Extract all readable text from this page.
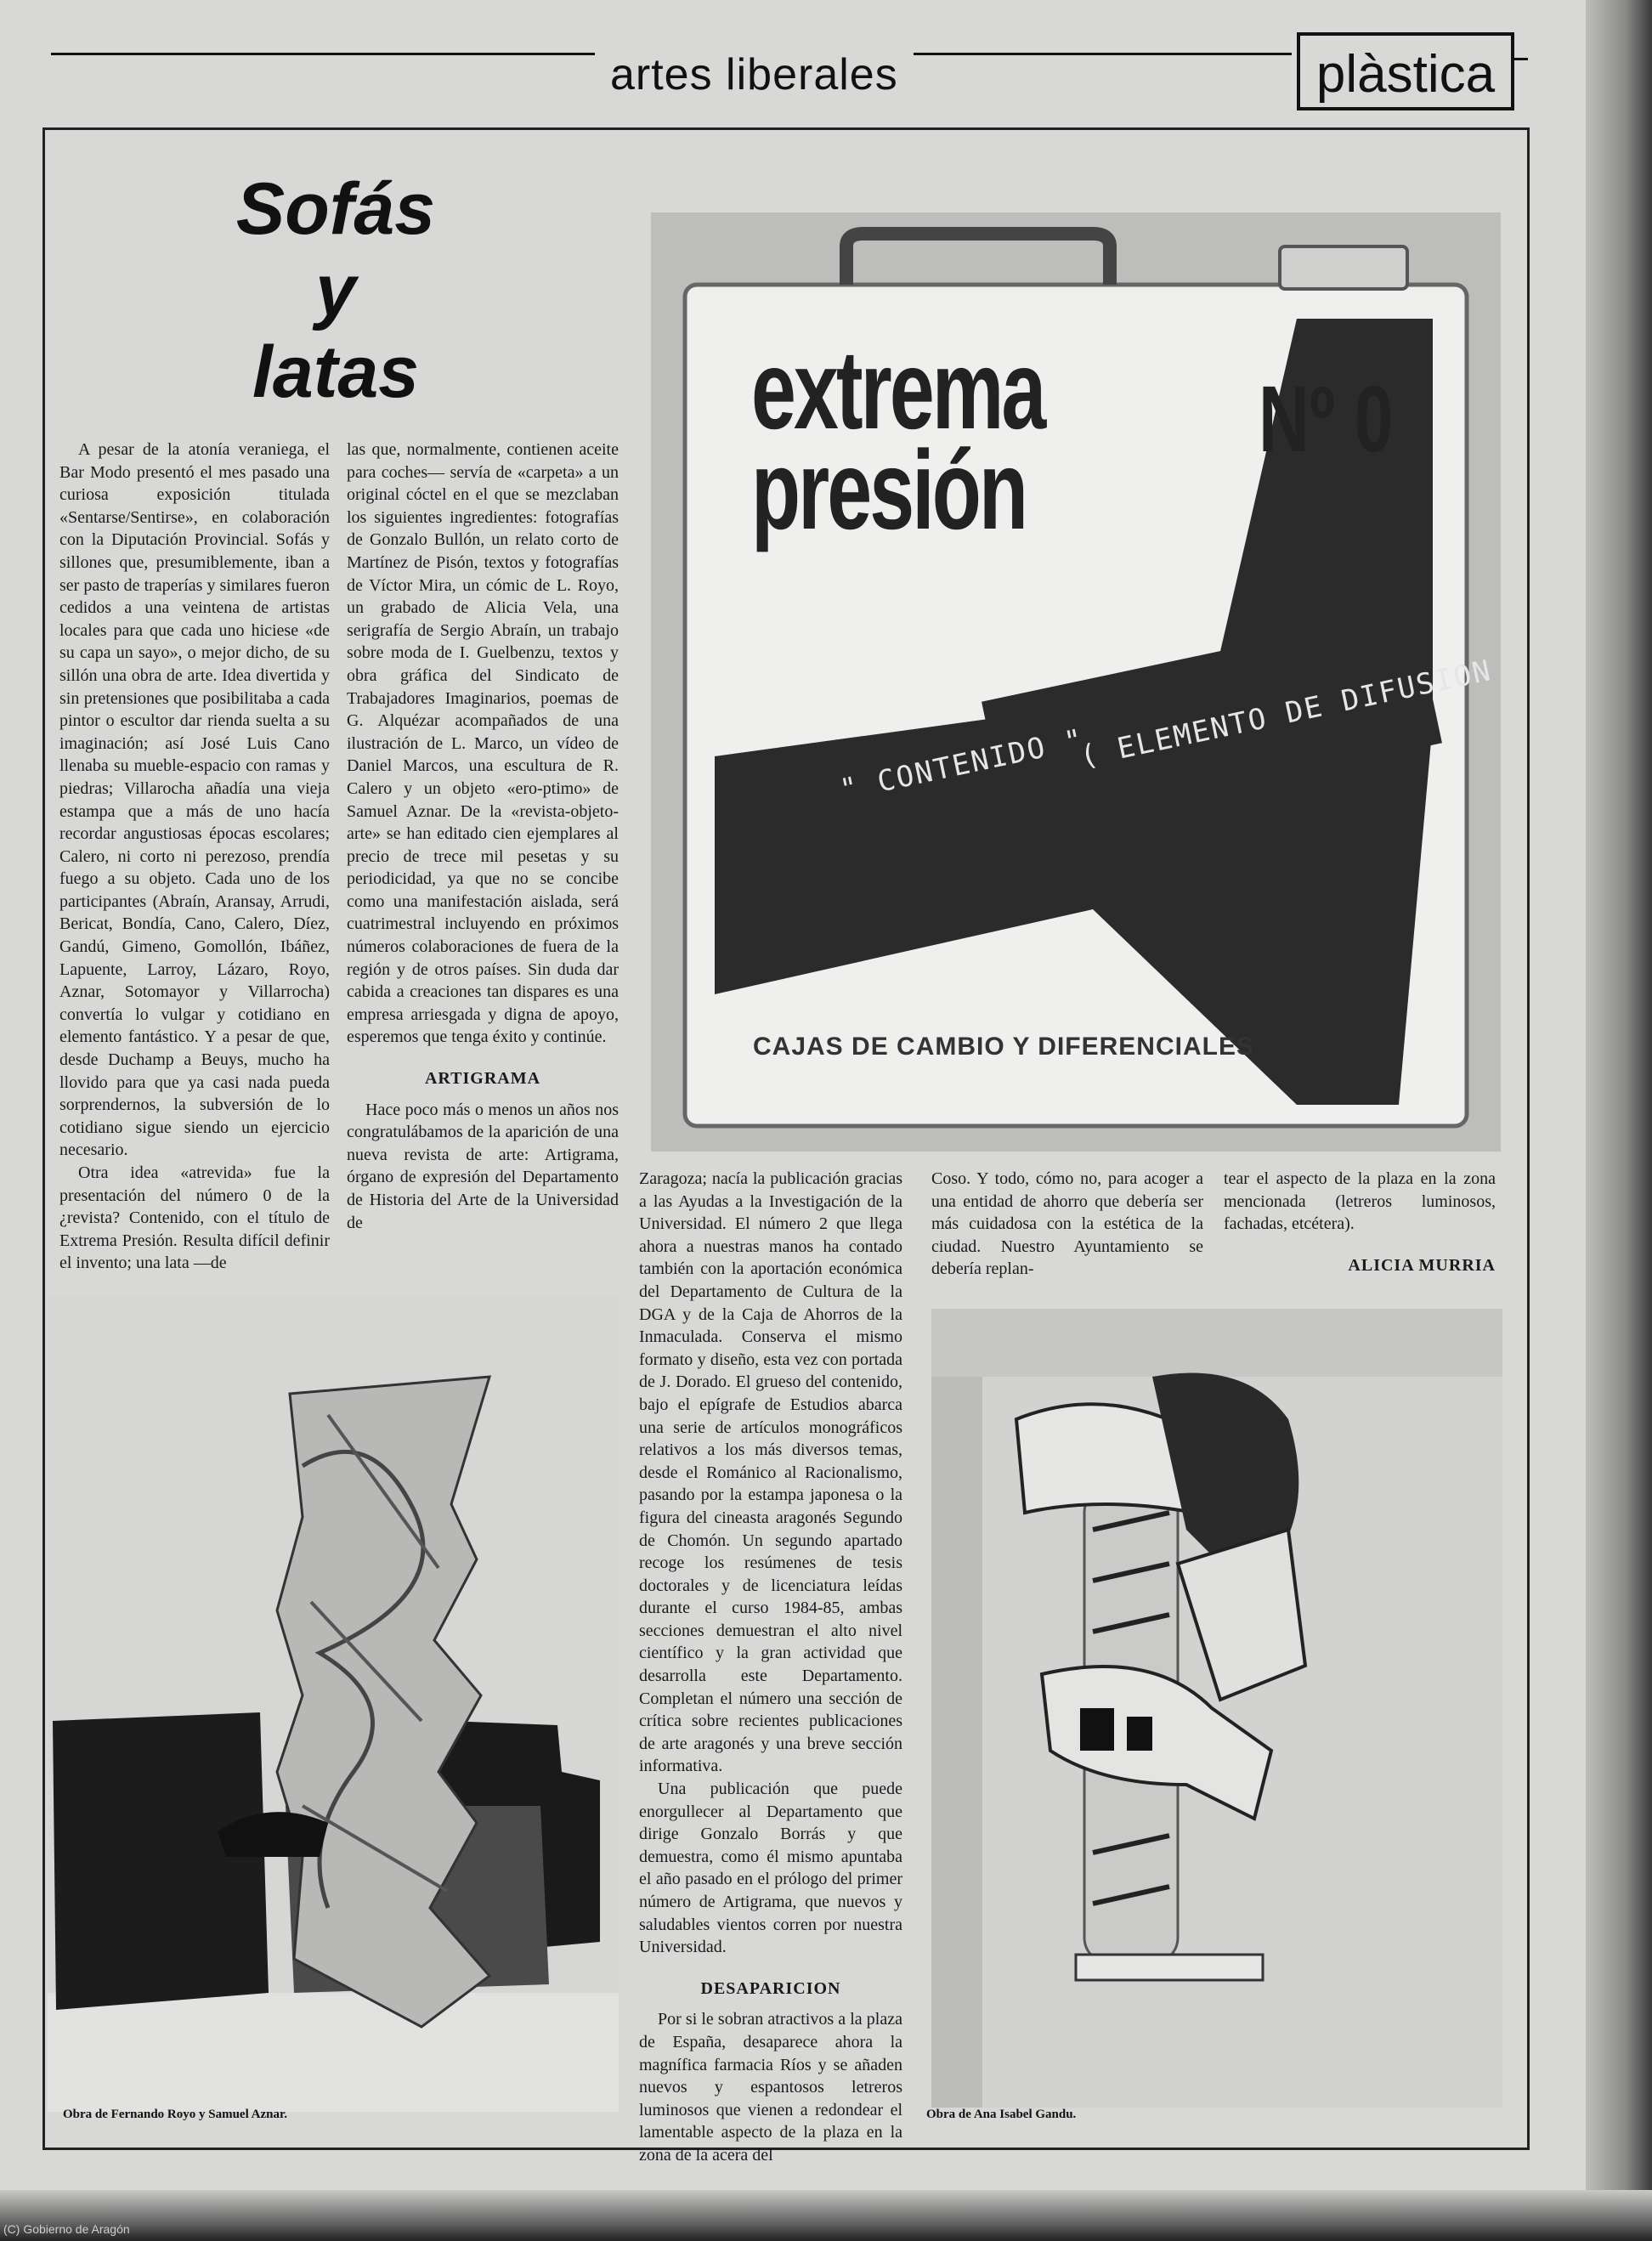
artes liberales	plàstica
Sofás
y
latas

A pesar de la atonía veraniega, el Bar Modo presentó el mes pasado una curiosa exposición titulada «Sentarse/Sentirse», en colaboración con la Diputación Provincial. Sofás y sillones que, presumiblemente, iban a ser pasto de traperías y similares fueron cedidos a una veintena de artistas locales para que cada uno hiciese «de su capa un sayo», o mejor dicho, de su sillón una obra de arte. Idea divertida y sin pretensiones que posibilitaba a cada pintor o escultor dar rienda suelta a su imaginación; así José Luis Cano llenaba su mueble-espacio con ramas y piedras; Villarocha añadía una vieja estampa que a más de uno hacía recordar angustiosas épocas escolares; Calero, ni corto ni perezoso, prendía fuego a su objeto. Cada uno de los participantes (Abraín, Aransay, Arrudi, Bericat, Bondía, Cano, Calero, Díez, Gandú, Gimeno, Gomollón, Ibáñez, Lapuente, Larroy, Lázaro, Royo, Aznar, Sotomayor y Villarrocha) convertía lo vulgar y cotidiano en elemento fantástico. Y a pesar de que, desde Duchamp a Beuys, mucho ha llovido para que ya casi nada pueda sorprendernos, la subversión de lo cotidiano sigue siendo un ejercicio necesario.

Otra idea «atrevida» fue la presentación del número 0 de la ¿revista? Contenido, con el título de Extrema Presión. Resulta difícil definir el invento; una lata —de

las que, normalmente, contienen aceite para coches— servía de «carpeta» a un original cóctel en el que se mezclaban los siguientes ingredientes: fotografías de Gonzalo Bullón, un relato corto de Martínez de Pisón, textos y fotografías de Víctor Mira, un cómic de L. Royo, un grabado de Alicia Vela, una serigrafía de Sergio Abraín, un trabajo sobre moda de I. Guelbenzu, textos y obra gráfica del Sindicato de Trabajadores Imaginarios, poemas de G. Alquézar acompañados de una ilustración de L. Marco, un vídeo de Daniel Marcos, una escultura de R. Calero y un objeto «ero-ptimo» de Samuel Aznar. De la «revista-objeto-arte» se han editado cien ejemplares al precio de trece mil pesetas y su periodicidad, ya que no se concibe como una manifestación aislada, será cuatrimestral incluyendo en próximos números colaboraciones de fuera de la región y de otros países. Sin duda dar cabida a creaciones tan dispares es una empresa arriesgada y digna de apoyo, esperemos que tenga éxito y continúe.

ARTIGRAMA

Hace poco más o menos un años nos congratulábamos de la aparición de una nueva revista de arte: Artigrama, órgano de expresión del Departamento de Historia del Arte de la Universidad de

extrema
presión
Nº 0
" CONTENIDO "
( ELEMENTO DE DIFUSION
CAJAS DE CAMBIO Y DIFERENCIALES

Zaragoza; nacía la publicación gracias a las Ayudas a la Investigación de la Universidad. El número 2 que llega ahora a nuestras manos ha contado también con la aportación económica del Departamento de Cultura de la DGA y de la Caja de Ahorros de la Inmaculada. Conserva el mismo formato y diseño, esta vez con portada de J. Dorado. El grueso del contenido, bajo el epígrafe de Estudios abarca una serie de artículos monográficos relativos a los más diversos temas, desde el Románico al Racionalismo, pasando por la estampa japonesa o la figura del cineasta aragonés Segundo de Chomón. Un segundo apartado recoge los resúmenes de tesis doctorales y de licenciatura leídas durante el curso 1984-85, ambas secciones demuestran el alto nivel científico y la gran actividad que desarrolla este Departamento. Completan el número una sección de crítica sobre recientes publicaciones de arte aragonés y una breve sección informativa.

Una publicación que puede enorgullecer al Departamento que dirige Gonzalo Borrás y que demuestra, como él mismo apuntaba el año pasado en el prólogo del primer número de Artigrama, que nuevos y saludables vientos corren por nuestra Universidad.

DESAPARICION

Por si le sobran atractivos a la plaza de España, desaparece ahora la magnífica farmacia Ríos y se añaden nuevos y espantosos letreros luminosos que vienen a redondear el lamentable aspecto de la plaza en la zona de la acera del

Coso. Y todo, cómo no, para acoger a una entidad de ahorro que debería ser más cuidadosa con la estética de la ciudad. Nuestro Ayuntamiento se debería replan-

tear el aspecto de la plaza en la zona mencionada (letreros luminosos, fachadas, etcétera).

ALICIA MURRIA
Obra de Fernando Royo y Samuel Aznar.	Obra de Ana Isabel Gandu.
(C) Gobierno de Aragón
